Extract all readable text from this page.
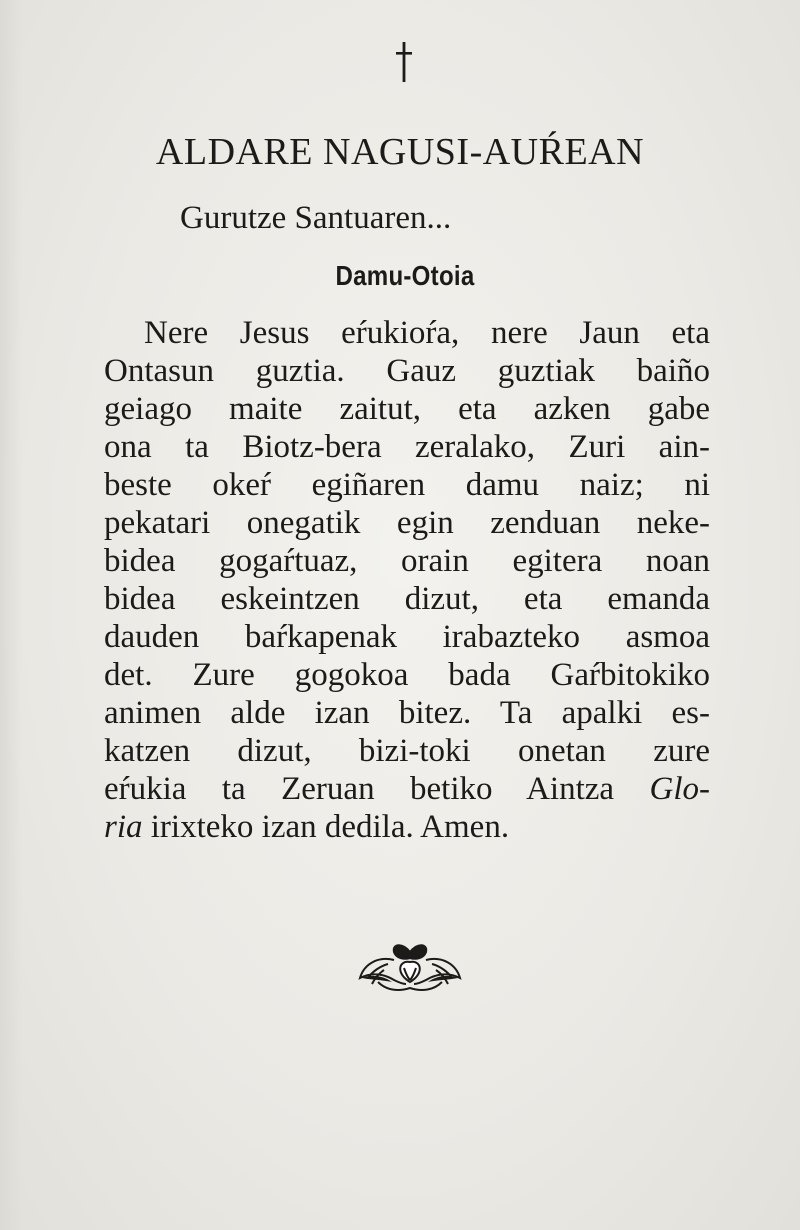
ALDARE NAGUSI-AUŔEAN
Gurutze Santuaren...
Damu-Otoia
Nere Jesus eŕukioŕa, nere Jaun eta
Ontasun guztia. Gauz guztiak baiño
geiago maite zaitut, eta azken gabe
ona ta Biotz-bera zeralako, Zuri ain-
beste okeŕ egiñaren damu naiz; ni
pekatari onegatik egin zenduan neke-
bidea gogaŕtuaz, orain egitera noan
bidea eskeintzen dizut, eta emanda
dauden baŕkapenak irabazteko asmoa
det. Zure gogokoa bada Gaŕbitokiko
animen alde izan bitez. Ta apalki es-
katzen dizut, bizi-toki onetan zure
eŕukia ta Zeruan betiko Aintza Glo-
ria irixteko izan dedila. Amen.
